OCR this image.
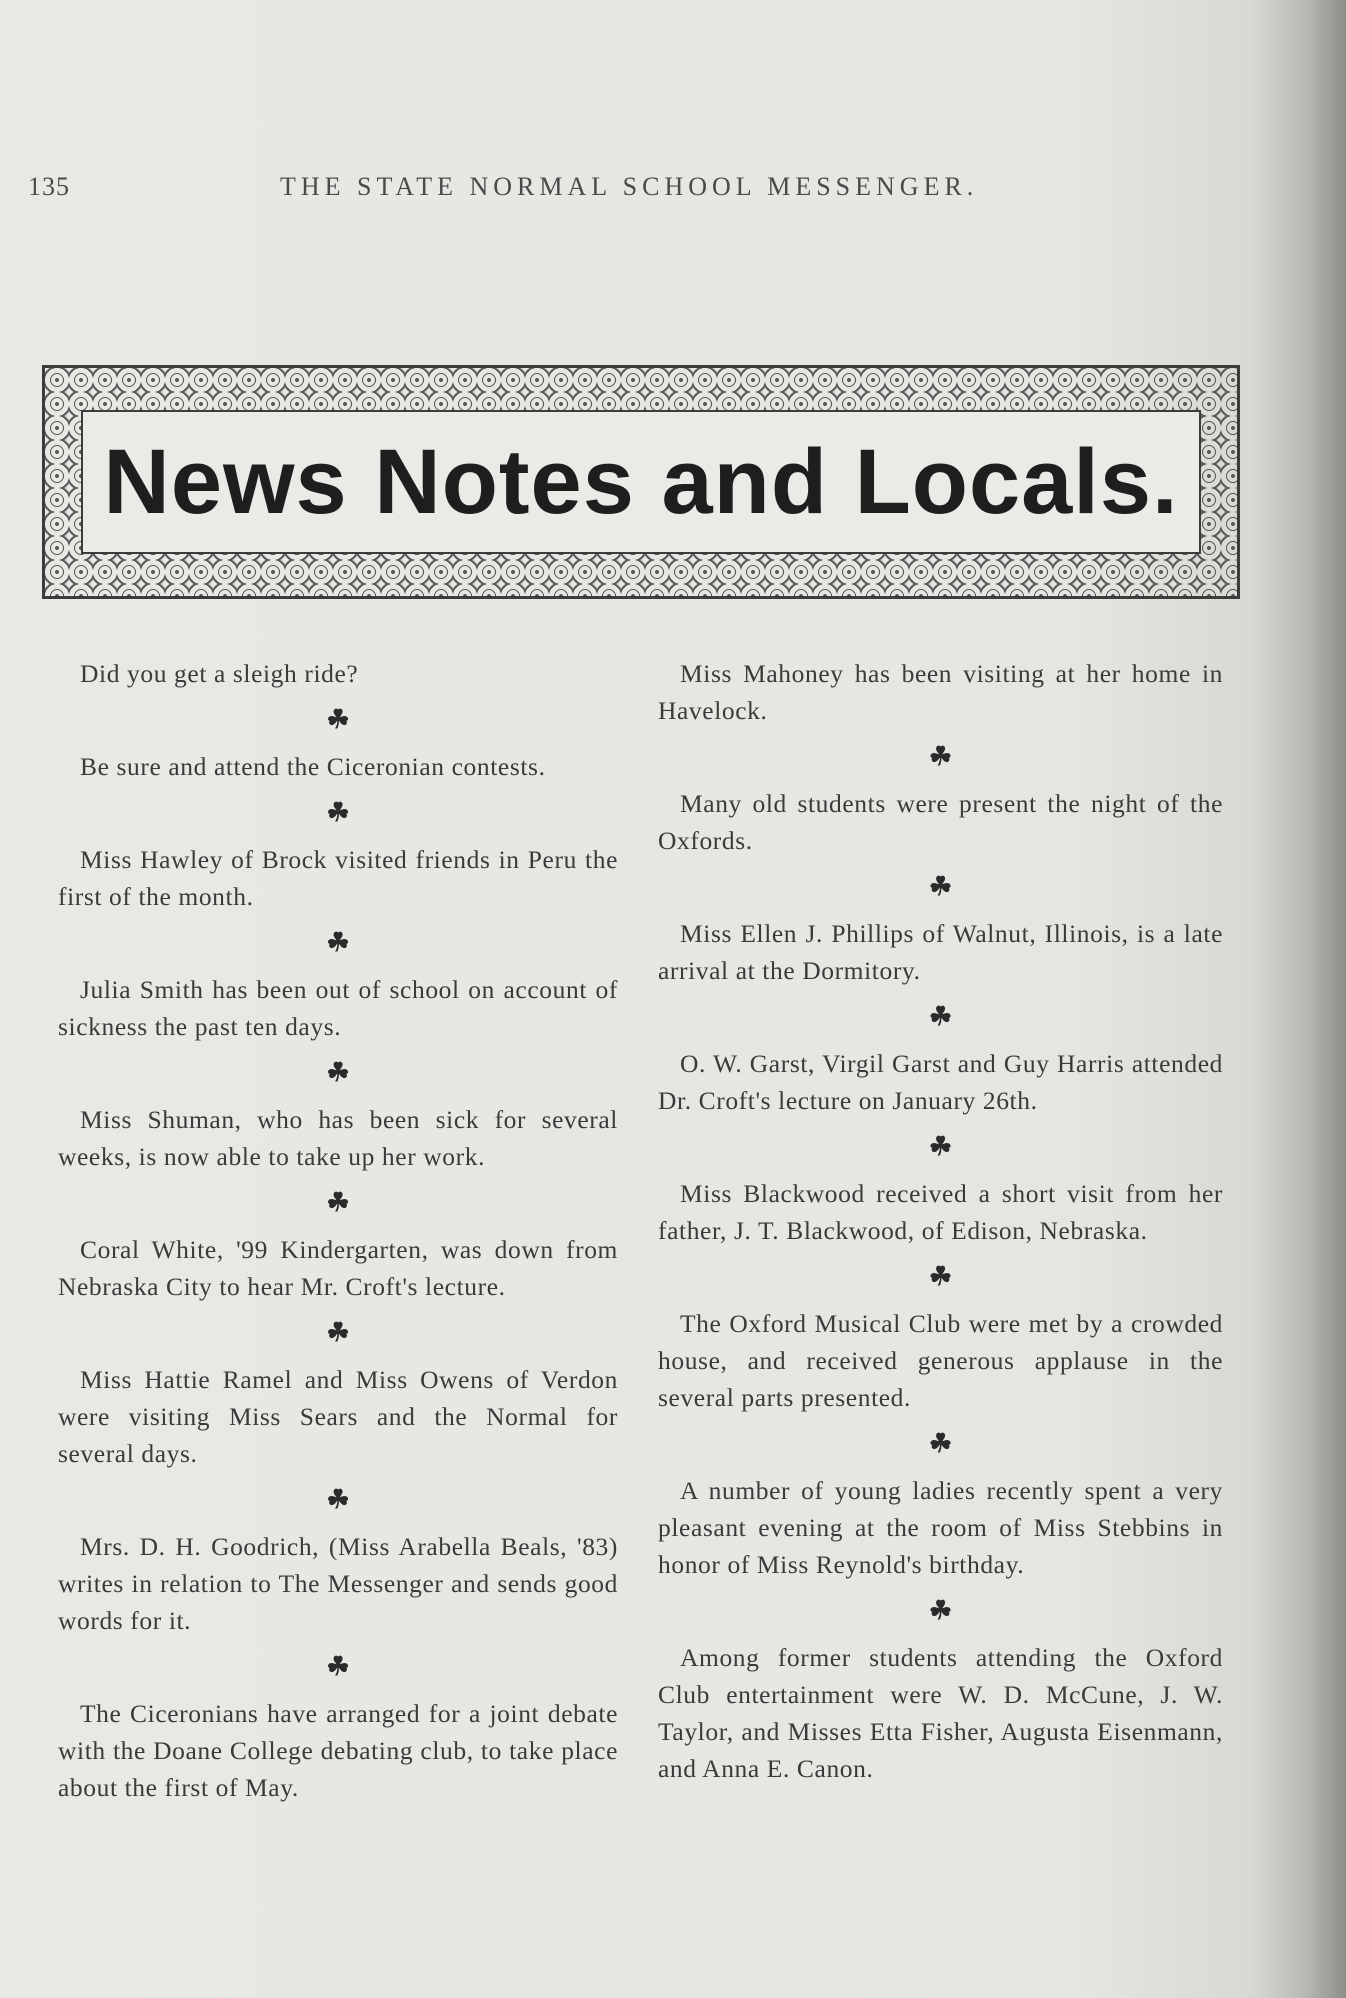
135	THE STATE NORMAL SCHOOL MESSENGER.
News Notes and Locals.

Did you get a sleigh ride?

☘

Be sure and attend the Ciceronian contests.

☘

Miss Hawley of Brock visited friends in Peru the first of the month.

☘

Julia Smith has been out of school on account of sickness the past ten days.

☘

Miss Shuman, who has been sick for several weeks, is now able to take up her work.

☘

Coral White, '99 Kindergarten, was down from Nebraska City to hear Mr. Croft's lecture.

☘

Miss Hattie Ramel and Miss Owens of Verdon were visiting Miss Sears and the Normal for several days.

☘

Mrs. D. H. Goodrich, (Miss Arabella Beals, '83) writes in relation to The Messenger and sends good words for it.

☘

The Ciceronians have arranged for a joint debate with the Doane College debating club, to take place about the first of May.

Miss Mahoney has been visiting at her home in Havelock.

☘

Many old students were present the night of the Oxfords.

☘

Miss Ellen J. Phillips of Walnut, Illinois, is a late arrival at the Dormitory.

☘

O. W. Garst, Virgil Garst and Guy Harris attended Dr. Croft's lecture on January 26th.

☘

Miss Blackwood received a short visit from her father, J. T. Blackwood, of Edison, Nebraska.

☘

The Oxford Musical Club were met by a crowded house, and received generous applause in the several parts presented.

☘

A number of young ladies recently spent a very pleasant evening at the room of Miss Stebbins in honor of Miss Reynold's birthday.

☘

Among former students attending the Oxford Club entertainment were W. D. McCune, J. W. Taylor, and Misses Etta Fisher, Augusta Eisenmann, and Anna E. Canon.
